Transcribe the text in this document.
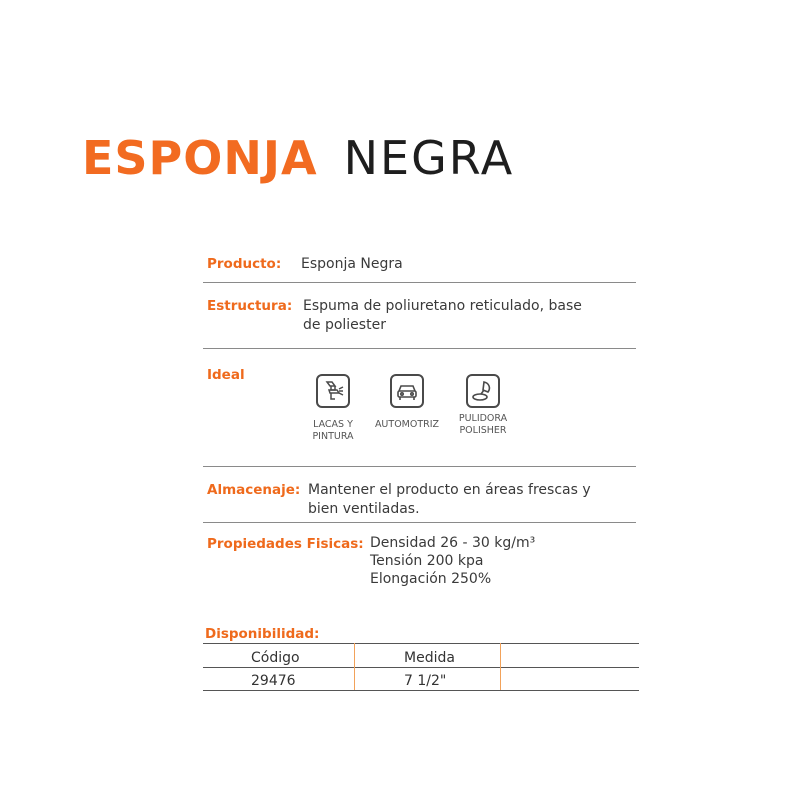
ESPONJA NEGRA
Producto: Esponja Negra
Estructura: Espuma de poliuretano reticulado, base
de poliester
Ideal
LACAS Y
PINTURA
AUTOMOTRIZ
PULIDORA
POLISHER
Almacenaje: Mantener el producto en áreas frescas y
bien ventiladas.
Propiedades Fisicas: Densidad 26 - 30 kg/m³
Tensión 200 kpa
Elongación 250%
Disponibilidad:
Código	Medida
29476	7 1/2"
